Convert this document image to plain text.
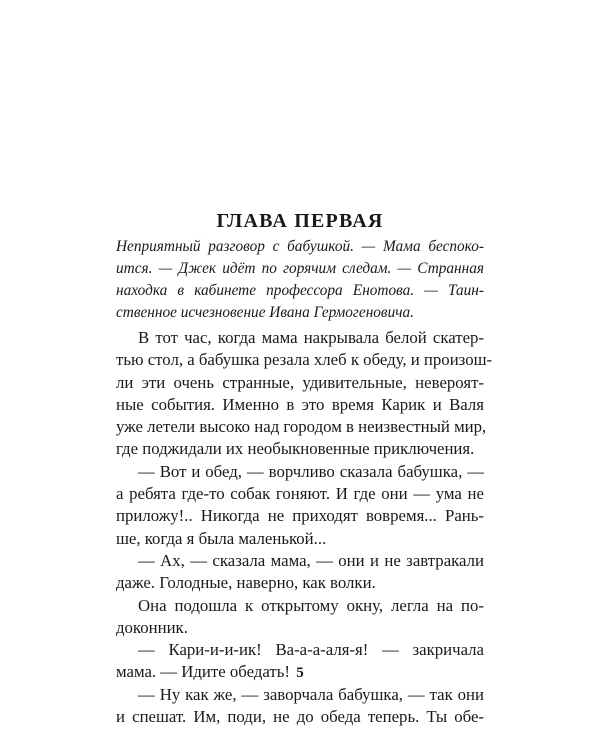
ГЛАВА ПЕРВАЯ
Неприятный разговор с бабушкой. — Мама беспоко-
ится. — Джек идёт по горячим следам. — Странная
находка в кабинете профессора Енотова. — Таин-
ственное исчезновение Ивана Гермогеновича.
В тот час, когда мама накрывала белой скатер-
тью стол, а бабушка резала хлеб к обеду, и произош-
ли эти очень странные, удивительные, невероят-
ные события. Именно в это время Карик и Валя
уже летели высоко над городом в неизвестный мир,
где поджидали их необыкновенные приключения.
— Вот и обед, — ворчливо сказала бабушка, —
а ребята где-то собак гоняют. И где они — ума не
приложу!.. Никогда не приходят вовремя... Рань-
ше, когда я была маленькой...
— Ах, — сказала мама, — они и не завтракали
даже. Голодные, наверно, как волки.
Она подошла к открытому окну, легла на по-
доконник.
— Кари-и-и-ик! Ва-а-а-аля-я! — закричала
мама. — Идите обедать!
— Ну как же, — заворчала бабушка, — так они
и спешат. Им, поди, не до обеда теперь. Ты обе-
5
